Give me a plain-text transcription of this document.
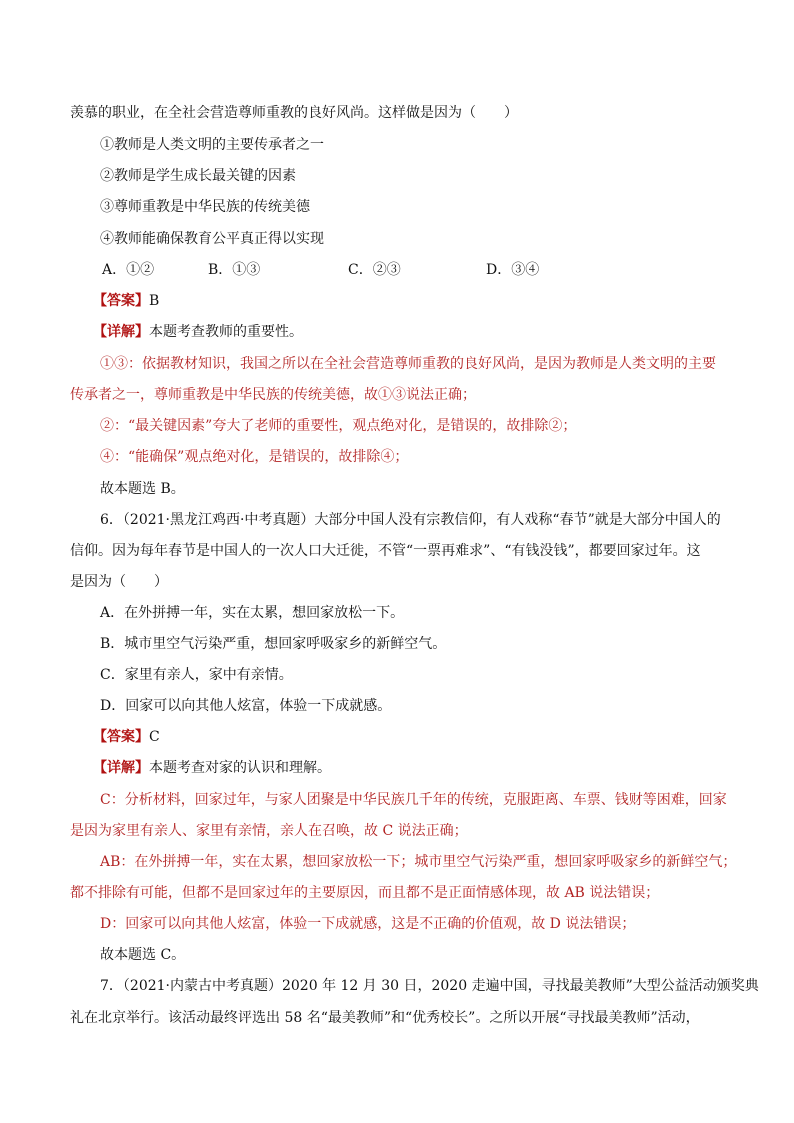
羡慕的职业，在全社会营造尊师重教的良好风尚。这样做是因为（　　）
①教师是人类文明的主要传承者之一
②教师是学生成长最关键的因素
③尊师重教是中华民族的传统美德
④教师能确保教育公平真正得以实现
A．①②	B．①③	C．②③	D．③④
【答案】B
【详解】本题考查教师的重要性。
①③：依据教材知识，我国之所以在全社会营造尊师重教的良好风尚，是因为教师是人类文明的主要
传承者之一，尊师重教是中华民族的传统美德，故①③说法正确；
②：“最关键因素”夸大了老师的重要性，观点绝对化，是错误的，故排除②；
④：“能确保”观点绝对化，是错误的，故排除④；
故本题选 B。
6．（2021·黑龙江鸡西·中考真题）大部分中国人没有宗教信仰，有人戏称“春节”就是大部分中国人的
信仰。因为每年春节是中国人的一次人口大迁徙，不管“一票再难求”、“有钱没钱”，都要回家过年。这
是因为（　　）
A．在外拼搏一年，实在太累，想回家放松一下。
B．城市里空气污染严重，想回家呼吸家乡的新鲜空气。
C．家里有亲人，家中有亲情。
D．回家可以向其他人炫富，体验一下成就感。
【答案】C
【详解】本题考查对家的认识和理解。
C：分析材料，回家过年，与家人团聚是中华民族几千年的传统，克服距离、车票、钱财等困难，回家
是因为家里有亲人、家里有亲情，亲人在召唤，故 C 说法正确；
AB：在外拼搏一年，实在太累，想回家放松一下；城市里空气污染严重，想回家呼吸家乡的新鲜空气；
都不排除有可能，但都不是回家过年的主要原因，而且都不是正面情感体现，故 AB 说法错误；
D：回家可以向其他人炫富，体验一下成就感，这是不正确的价值观，故 D 说法错误；
故本题选 C。
7．（2021·内蒙古中考真题）2020 年 12 月 30 日，2020 走遍中国，寻找最美教师”大型公益活动颁奖典
礼在北京举行。该活动最终评选出 58 名“最美教师”和“优秀校长”。之所以开展“寻找最美教师”活动，
